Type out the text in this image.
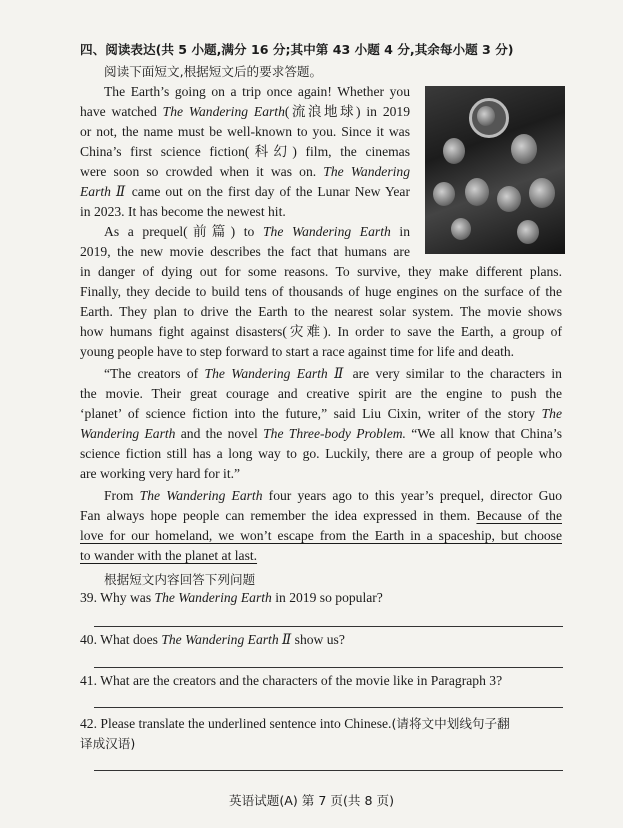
四、阅读表达(共 5 小题,满分 16 分;其中第 43 小题 4 分,其余每小题 3 分)
阅读下面短文,根据短文后的要求答题。
The Earth’s going on a trip once again! Whether you
have watched The Wandering Earth(流浪地球) in 2019
or not, the name must be well-known to you. Since it was
China’s first science fiction(科幻) film, the cinemas
were soon so crowded when it was on. The Wandering
Earth Ⅱ came out on the first day of the Lunar New Year
in 2023. It has become the newest hit.
As a prequel(前篇) to The Wandering Earth in
2019, the new movie describes the fact that humans are
in danger of dying out for some reasons. To survive, they make different plans.
Finally, they decide to build tens of thousands of huge engines on the surface of the
Earth. They plan to drive the Earth to the nearest solar system. The movie shows
how humans fight against disasters(灾难). In order to save the Earth, a group of
young people have to step forward to start a race against time for life and death.
“The creators of The Wandering Earth Ⅱ are very similar to the characters in
the movie. Their great courage and creative spirit are the engine to push the
‘planet’ of science fiction into the future,” said Liu Cixin, writer of the story The
Wandering Earth and the novel The Three-body Problem. “We all know that China’s
science fiction still has a long way to go. Luckily, there are a group of people who
are working very hard for it.”
From The Wandering Earth four years ago to this year’s prequel, director Guo
Fan always hope people can remember the idea expressed in them. Because of the
love for our homeland, we won’t escape from the Earth in a spaceship, but choose
to wander with the planet at last.
根据短文内容回答下列问题
39. Why was The Wandering Earth in 2019 so popular?
40. What does The Wandering Earth Ⅱ show us?
41. What are the creators and the characters of the movie like in Paragraph 3?
42. Please translate the underlined sentence into Chinese.(请将文中划线句子翻
译成汉语)
英语试题(A) 第 7 页(共 8 页)
